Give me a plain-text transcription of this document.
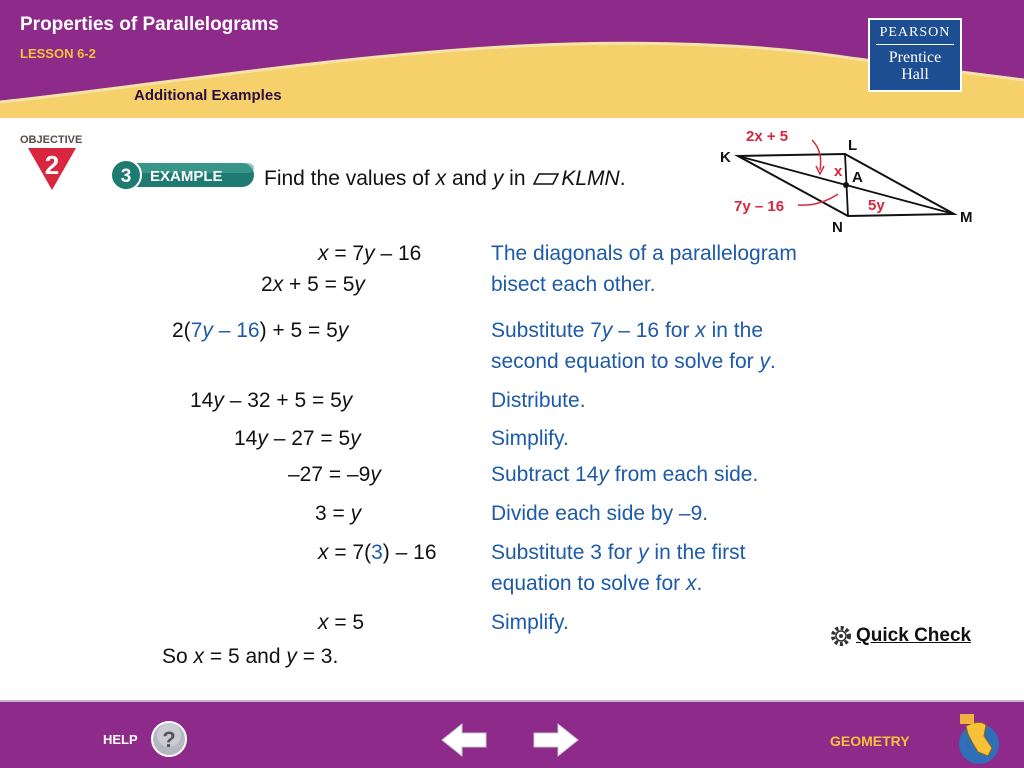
Properties of Parallelograms
LESSON 6-2
Additional Examples
PEARSON
Prentice
Hall
OBJECTIVE
2	3 EXAMPLE Find the values of x and y in KLMN.
K
L
M
N
A
2x + 5
x
7y – 16	5y
x = 7y – 16
2x + 5 = 5y
The diagonals of a parallelogram
bisect each other.
2(7y – 16) + 5 = 5y	Substitute 7y – 16 for x in the
second equation to solve for y.
14y – 32 + 5 = 5y	Distribute.
14y – 27 = 5y	Simplify.
–27 = –9y	Subtract 14y from each side.
3 = y	Divide each side by –9.
x = 7(3) – 16	Substitute 3 for y in the first
equation to solve for x.
x = 5	Simplify.
So x = 5 and y = 3.
Quick Check
HELP ?	GEOMETRY
